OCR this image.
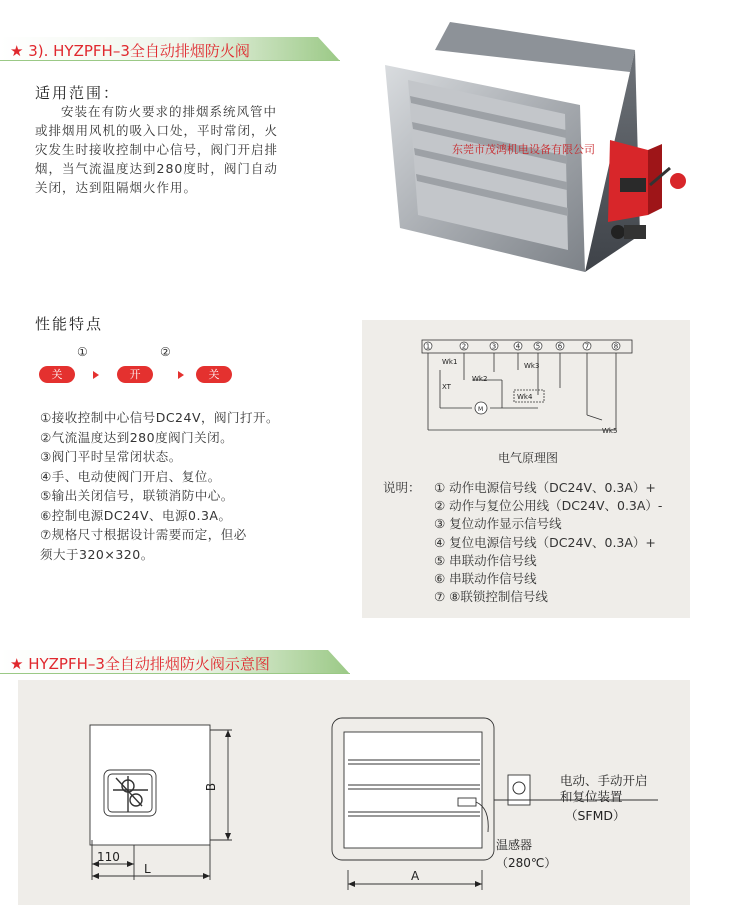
★ 3). HYZPFH–3全自动排烟防火阀
适用范围：

安装在有防火要求的排烟系统风管中

或排烟用风机的吸入口处，平时常闭，火

灾发生时接收控制中心信号，阀门开启排

烟，当气流温度达到280度时，阀门自动

关闭，达到阻隔烟火作用。

东莞市茂鸿机电设备有限公司
性能特点
①	②
关	开	关
①接收控制中心信号DC24V，阀门打开。
②气流温度达到280度阀门关闭。
③阀门平时呈常闭状态。
④手、电动使阀门开启、复位。
⑤输出关闭信号，联锁消防中心。
⑥控制电源DC24V、电源0.3A。
⑦规格尺寸根据设计需要而定，但必
须大于320×320。
1	2	3	4 5	6	7	8
Wk1
XT
Wk2
Wk3
Wk4
M
Wk5
电气原理图
说明： ① 动作电源信号线（DC24V、0.3A）+
② 动作与复位公用线（DC24V、0.3A）-
③ 复位动作显示信号线
④ 复位电源信号线（DC24V、0.3A）+
⑤ 串联动作信号线
⑥ 串联动作信号线
⑦ ⑧联锁控制信号线
★ HYZPFH–3全自动排烟防火阀示意图
B
110
L	A
电动、手动开启
和复位装置
（SFMD）
温感器
（280℃）
